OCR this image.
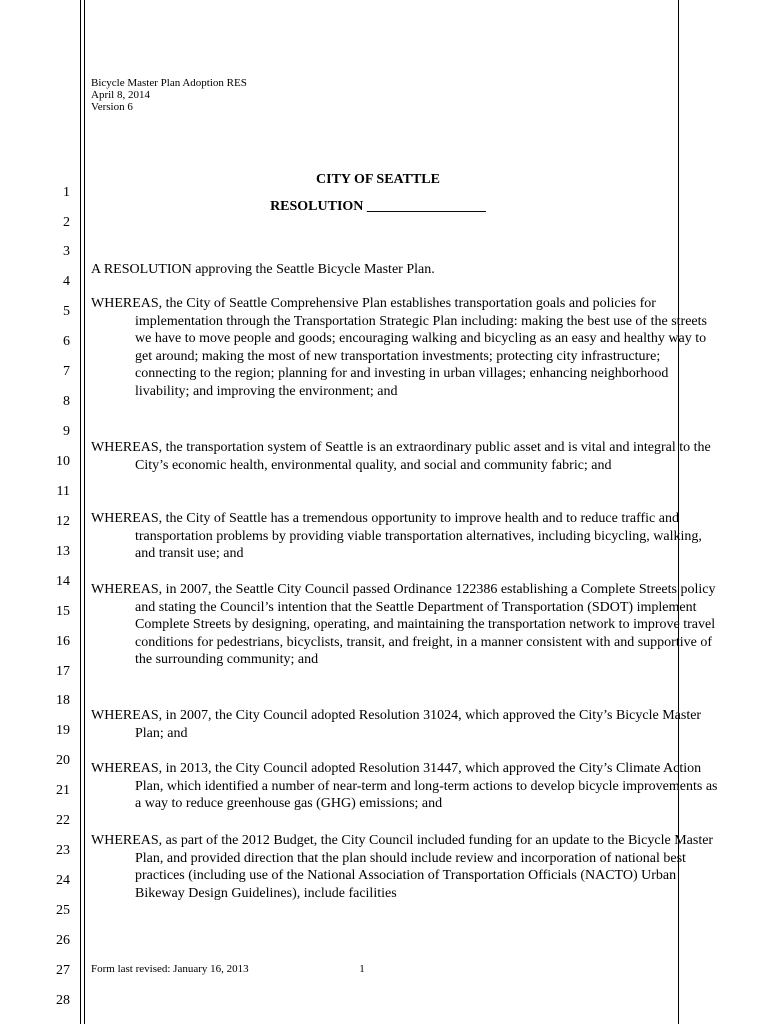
1
2
3
4
5
6
7
8
9
10
11
12
13
14
15
16
17
18
19
20
21
22
23
24
25
26
27
28
Bicycle Master Plan Adoption RES
April 8, 2014
Version 6
CITY OF SEATTLE
RESOLUTION _________________
A RESOLUTION approving the Seattle Bicycle Master Plan.
WHEREAS, the City of Seattle Comprehensive Plan establishes transportation goals and policies for implementation through the Transportation Strategic Plan including: making the best use of the streets we have to move people and goods; encouraging walking and bicycling as an easy and healthy way to get around; making the most of new transportation investments; protecting city infrastructure; connecting to the region; planning for and investing in urban villages; enhancing neighborhood livability; and improving the environment; and
WHEREAS, the transportation system of Seattle is an extraordinary public asset and is vital and integral to the City’s economic health, environmental quality, and social and community fabric; and
WHEREAS, the City of Seattle has a tremendous opportunity to improve health and to reduce traffic and transportation problems by providing viable transportation alternatives, including bicycling, walking, and transit use; and
WHEREAS, in 2007, the Seattle City Council passed Ordinance 122386 establishing a Complete Streets policy and stating the Council’s intention that the Seattle Department of Transportation (SDOT) implement Complete Streets by designing, operating, and maintaining the transportation network to improve travel conditions for pedestrians, bicyclists, transit, and freight, in a manner consistent with and supportive of the surrounding community; and
WHEREAS, in 2007, the City Council adopted Resolution 31024, which approved the City’s Bicycle Master Plan; and
WHEREAS, in 2013, the City Council adopted Resolution 31447, which approved the City’s Climate Action Plan, which identified a number of near-term and long-term actions to develop bicycle improvements as a way to reduce greenhouse gas (GHG) emissions; and
WHEREAS, as part of the 2012 Budget, the City Council included funding for an update to the Bicycle Master Plan, and provided direction that the plan should include review and incorporation of national best practices (including use of the National Association of Transportation Officials (NACTO) Urban Bikeway Design Guidelines), include facilities
Form last revised: January 16, 2013	1
